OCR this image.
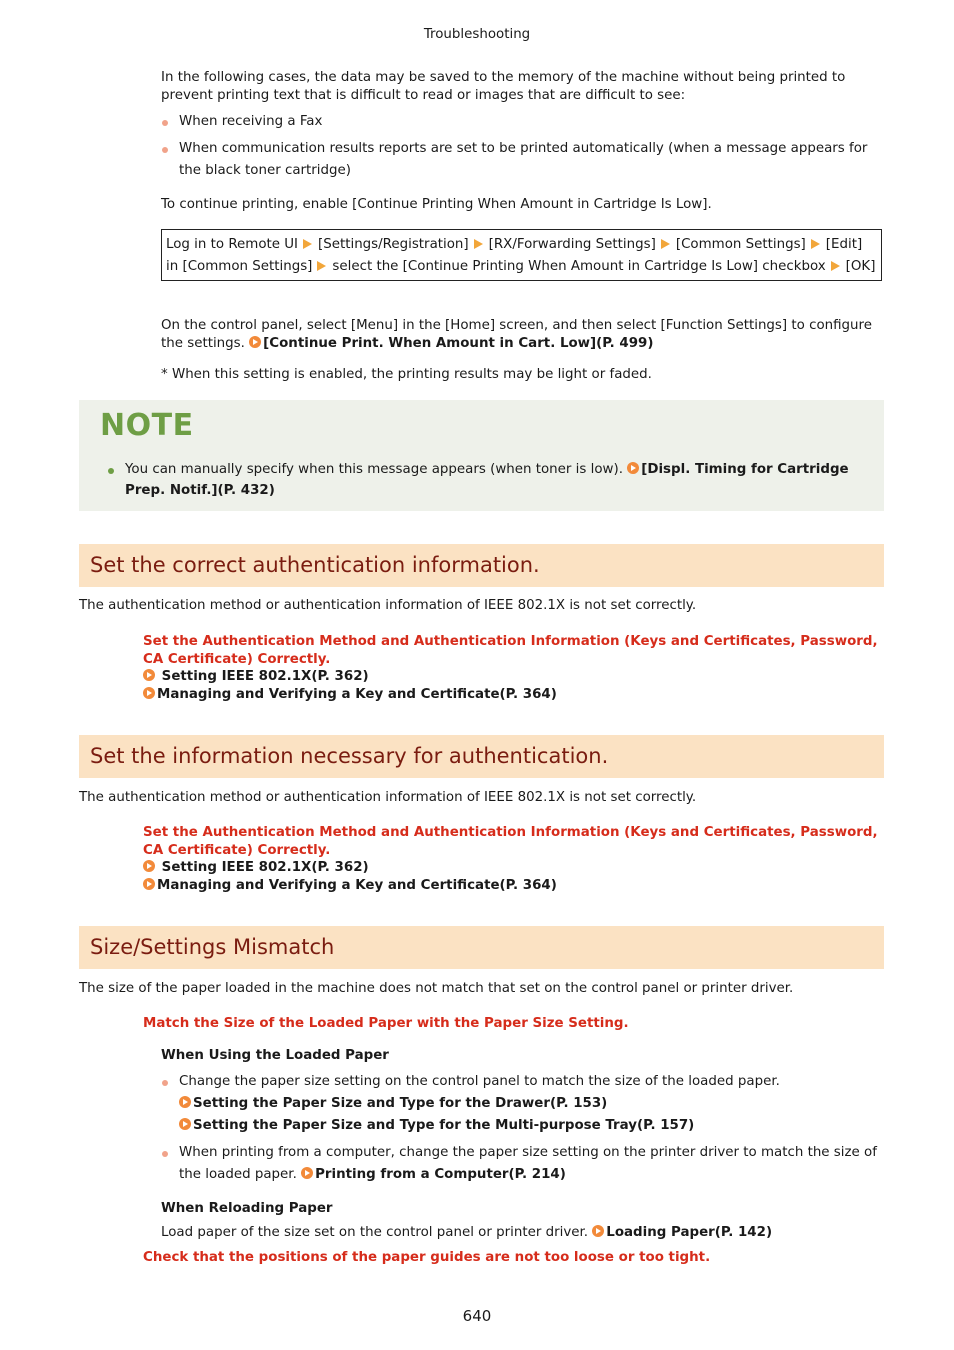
Troubleshooting
In the following cases, the data may be saved to the memory of the machine without being printed to prevent printing text that is difficult to read or images that are difficult to see:
When receiving a Fax
When communication results reports are set to be printed automatically (when a message appears for the black toner cartridge)
To continue printing, enable [Continue Printing When Amount in Cartridge Is Low].
Log in to Remote UI [Settings/Registration] [RX/Forwarding Settings] [Common Settings] [Edit] in [Common Settings] select the [Continue Printing When Amount in Cartridge Is Low] checkbox [OK]
On the control panel, select [Menu] in the [Home] screen, and then select [Function Settings] to configure the settings. [Continue Print. When Amount in Cart. Low](P. 499)
* When this setting is enabled, the printing results may be light or faded.
NOTE
You can manually specify when this message appears (when toner is low). [Displ. Timing for Cartridge Prep. Notif.](P. 432)
Set the correct authentication information.
The authentication method or authentication information of IEEE 802.1X is not set correctly.
Set the Authentication Method and Authentication Information (Keys and Certificates, Password, CA Certificate) Correctly.
Setting IEEE 802.1X(P. 362)
Managing and Verifying a Key and Certificate(P. 364)
Set the information necessary for authentication.
The authentication method or authentication information of IEEE 802.1X is not set correctly.
Set the Authentication Method and Authentication Information (Keys and Certificates, Password, CA Certificate) Correctly.
Setting IEEE 802.1X(P. 362)
Managing and Verifying a Key and Certificate(P. 364)
Size/Settings Mismatch
The size of the paper loaded in the machine does not match that set on the control panel or printer driver.
Match the Size of the Loaded Paper with the Paper Size Setting.
When Using the Loaded Paper
Change the paper size setting on the control panel to match the size of the loaded paper.
Setting the Paper Size and Type for the Drawer(P. 153)
Setting the Paper Size and Type for the Multi-purpose Tray(P. 157)
When printing from a computer, change the paper size setting on the printer driver to match the size of the loaded paper. Printing from a Computer(P. 214)
When Reloading Paper
Load paper of the size set on the control panel or printer driver. Loading Paper(P. 142)
Check that the positions of the paper guides are not too loose or too tight.
640
